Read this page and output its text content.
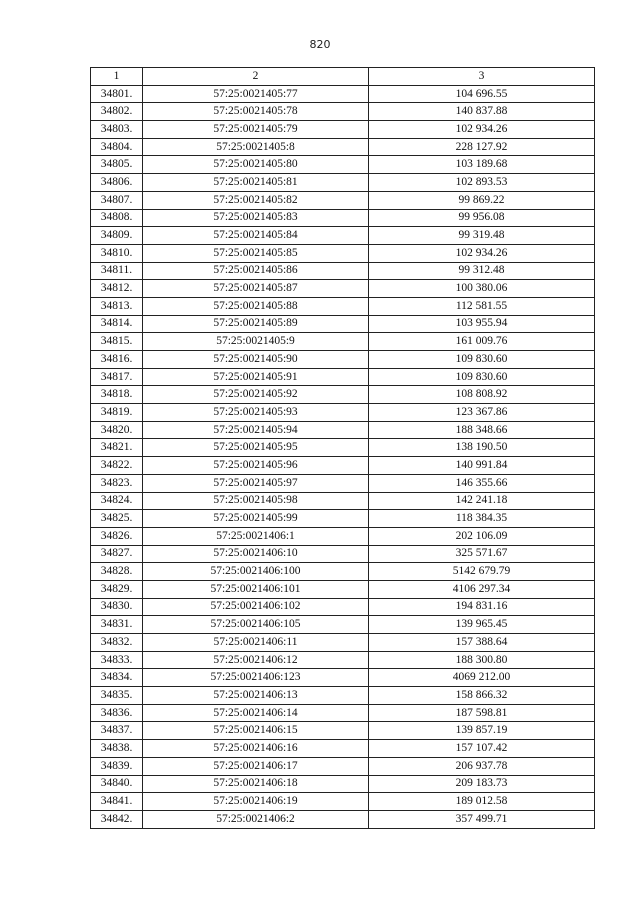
820
1	2	3
34801.	57:25:0021405:77	104 696.55
34802.	57:25:0021405:78	140 837.88
34803.	57:25:0021405:79	102 934.26
34804.	57:25:0021405:8	228 127.92
34805.	57:25:0021405:80	103 189.68
34806.	57:25:0021405:81	102 893.53
34807.	57:25:0021405:82	99 869.22
34808.	57:25:0021405:83	99 956.08
34809.	57:25:0021405:84	99 319.48
34810.	57:25:0021405:85	102 934.26
34811.	57:25:0021405:86	99 312.48
34812.	57:25:0021405:87	100 380.06
34813.	57:25:0021405:88	112 581.55
34814.	57:25:0021405:89	103 955.94
34815.	57:25:0021405:9	161 009.76
34816.	57:25:0021405:90	109 830.60
34817.	57:25:0021405:91	109 830.60
34818.	57:25:0021405:92	108 808.92
34819.	57:25:0021405:93	123 367.86
34820.	57:25:0021405:94	188 348.66
34821.	57:25:0021405:95	138 190.50
34822.	57:25:0021405:96	140 991.84
34823.	57:25:0021405:97	146 355.66
34824.	57:25:0021405:98	142 241.18
34825.	57:25:0021405:99	118 384.35
34826.	57:25:0021406:1	202 106.09
34827.	57:25:0021406:10	325 571.67
34828.	57:25:0021406:100	5142 679.79
34829.	57:25:0021406:101	4106 297.34
34830.	57:25:0021406:102	194 831.16
34831.	57:25:0021406:105	139 965.45
34832.	57:25:0021406:11	157 388.64
34833.	57:25:0021406:12	188 300.80
34834.	57:25:0021406:123	4069 212.00
34835.	57:25:0021406:13	158 866.32
34836.	57:25:0021406:14	187 598.81
34837.	57:25:0021406:15	139 857.19
34838.	57:25:0021406:16	157 107.42
34839.	57:25:0021406:17	206 937.78
34840.	57:25:0021406:18	209 183.73
34841.	57:25:0021406:19	189 012.58
34842.	57:25:0021406:2	357 499.71
